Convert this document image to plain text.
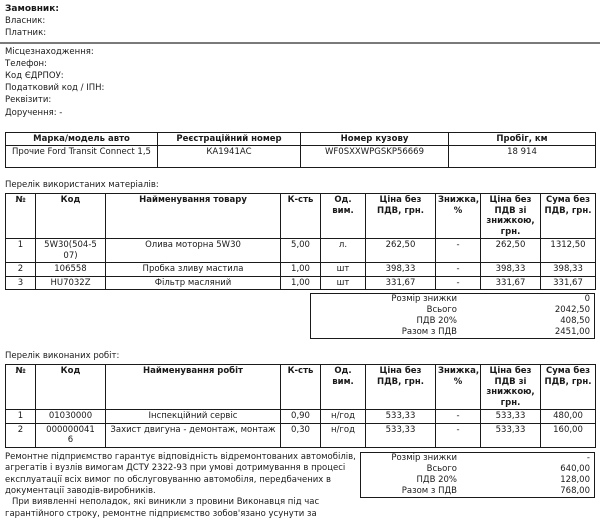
Замовник:
Власник:
Платник:
Місцезнаходження:
Телефон:
Код ЄДРПОУ:
Податковий код / ІПН:
Реквізити:
Доручення: -
Марка/модель авто	Реєстраційний номер	Номер кузову	Пробіг, км
Прочие Ford Transit Connect 1,5	КА1941АС	WF0SXXWPGSKP56669	18 914
Перелік використаних матеріалів:
№	Код	Найменування товару	К-сть	Од. вим.	Ціна без ПДВ, грн.	Знижка, %	Ціна без ПДВ зі знижкою, грн.	Сума без ПДВ, грн.
1	5W30(504-507)	Олива моторна 5W30	5,00	л.	262,50	-	262,50	1312,50
2	106558	Пробка зливу мастила	1,00	шт	398,33	-	398,33	398,33
3	HU7032Z	Фільтр масляний	1,00	шт	331,67	-	331,67	331,67
Розмір знижки	0
Всього	2042,50
ПДВ 20%	408,50
Разом з ПДВ	2451,00
Перелік виконаних робіт:
№	Код	Найменування робіт	К-сть	Од. вим.	Ціна без ПДВ, грн.	Знижка, %	Ціна без ПДВ зі знижкою, грн.	Сума без ПДВ, грн.
1	01030000	Інспекційний сервіс	0,90	н/год	533,33	-	533,33	480,00
2	0000000416	Захист двигуна - демонтаж, монтаж	0,30	н/год	533,33	-	533,33	160,00

Ремонтне підприємство гарантує відповідність відремонтованих автомобілів, агрегатів і вузлів вимогам ДСТУ 2322-93 при умові дотримування в процесі експлуатації всіх вимог по обслуговуванню автомобіля, передбачених в документації заводів-виробників.

При виявленні неполадок, які виникли з провини Виконавця під час гарантійного строку, ремонтне підприємство зобов'язано усунути за

Розмір знижки	-
Всього	640,00
ПДВ 20%	128,00
Разом з ПДВ	768,00
